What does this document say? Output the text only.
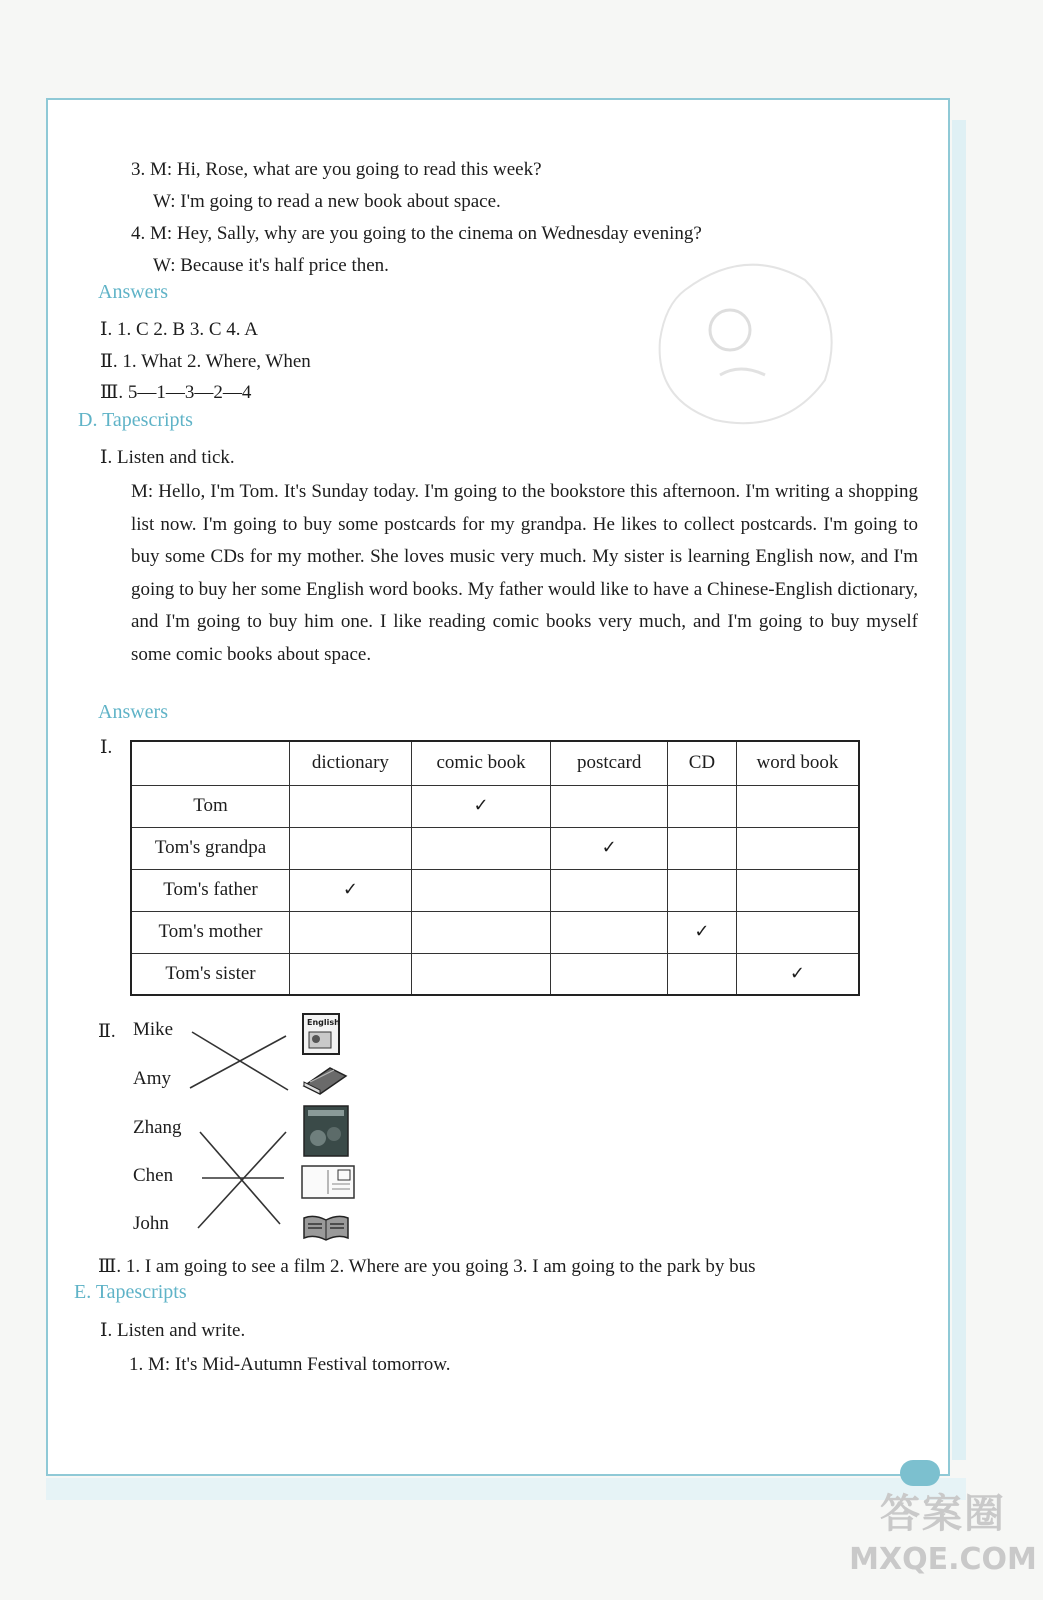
3. M: Hi, Rose, what are you going to read this week?
W: I'm going to read a new book about space.
4. M: Hey, Sally, why are you going to the cinema on Wednesday evening?
W: Because it's half price then.
Answers
Ⅰ. 1. C 2. B 3. C 4. A
Ⅱ. 1. What 2. Where, When
Ⅲ. 5—1—3—2—4
D. Tapescripts
Ⅰ. Listen and tick.
M: Hello, I'm Tom. It's Sunday today. I'm going to the bookstore this afternoon. I'm writing a shopping list now. I'm going to buy some postcards for my grandpa. He likes to collect postcards. I'm going to buy some CDs for my mother. She loves music very much. My sister is learning English now, and I'm going to buy her some English word books. My father would like to have a Chinese-English dictionary, and I'm going to buy him one. I like reading comic books very much, and I'm going to buy myself some comic books about space.
Answers
Ⅰ.
	dictionary	comic book	postcard	CD	word book
Tom		✓			
Tom's grandpa			✓		
Tom's father	✓				
Tom's mother				✓	
Tom's sister					✓
Ⅱ. Mike
Amy
Zhang
Chen
John
English
Ⅲ. 1. I am going to see a film 2. Where are you going 3. I am going to the park by bus
E. Tapescripts
Ⅰ. Listen and write.
1. M: It's Mid-Autumn Festival tomorrow.
答案圈
MXQE.COM
